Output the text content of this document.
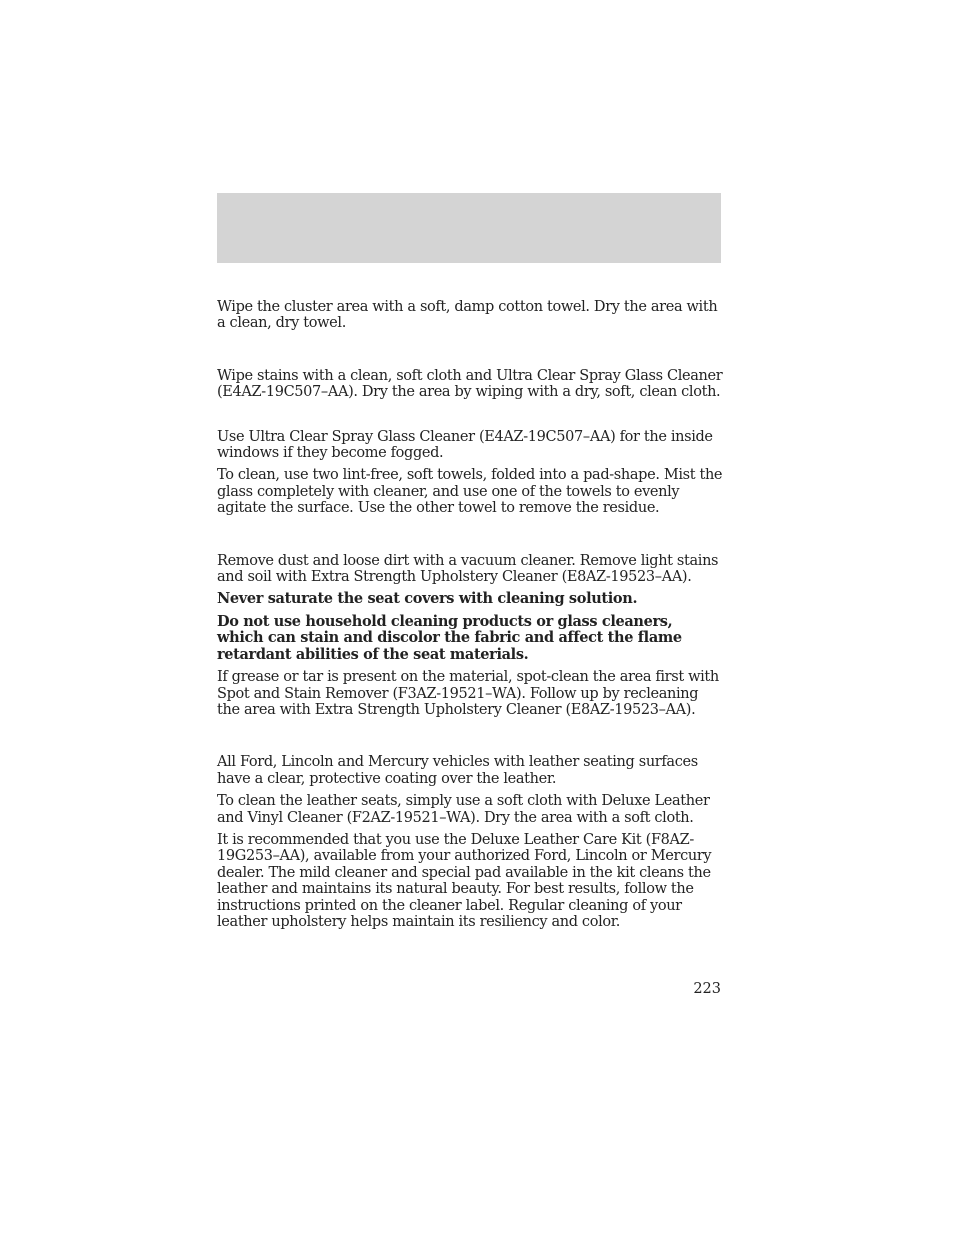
Wipe the cluster area with a soft, damp cotton towel. Dry the area with a clean, dry towel.

Wipe stains with a clean, soft cloth and Ultra Clear Spray Glass Cleaner (E4AZ-19C507–AA). Dry the area by wiping with a dry, soft, clean cloth.

Use Ultra Clear Spray Glass Cleaner (E4AZ-19C507–AA) for the inside windows if they become fogged.

To clean, use two lint-free, soft towels, folded into a pad-shape. Mist the glass completely with cleaner, and use one of the towels to evenly agitate the surface. Use the other towel to remove the residue.

Remove dust and loose dirt with a vacuum cleaner. Remove light stains and soil with Extra Strength Upholstery Cleaner (E8AZ-19523–AA).

Never saturate the seat covers with cleaning solution.

Do not use household cleaning products or glass cleaners, which can stain and discolor the fabric and affect the flame retardant abilities of the seat materials.

If grease or tar is present on the material, spot-clean the area first with Spot and Stain Remover (F3AZ-19521–WA). Follow up by recleaning the area with Extra Strength Upholstery Cleaner (E8AZ-19523–AA).

All Ford, Lincoln and Mercury vehicles with leather seating surfaces have a clear, protective coating over the leather.

To clean the leather seats, simply use a soft cloth with Deluxe Leather and Vinyl Cleaner (F2AZ-19521–WA). Dry the area with a soft cloth.

It is recommended that you use the Deluxe Leather Care Kit (F8AZ-19G253–AA), available from your authorized Ford, Lincoln or Mercury dealer. The mild cleaner and special pad available in the kit cleans the leather and maintains its natural beauty. For best results, follow the instructions printed on the cleaner label. Regular cleaning of your leather upholstery helps maintain its resiliency and color.

223
